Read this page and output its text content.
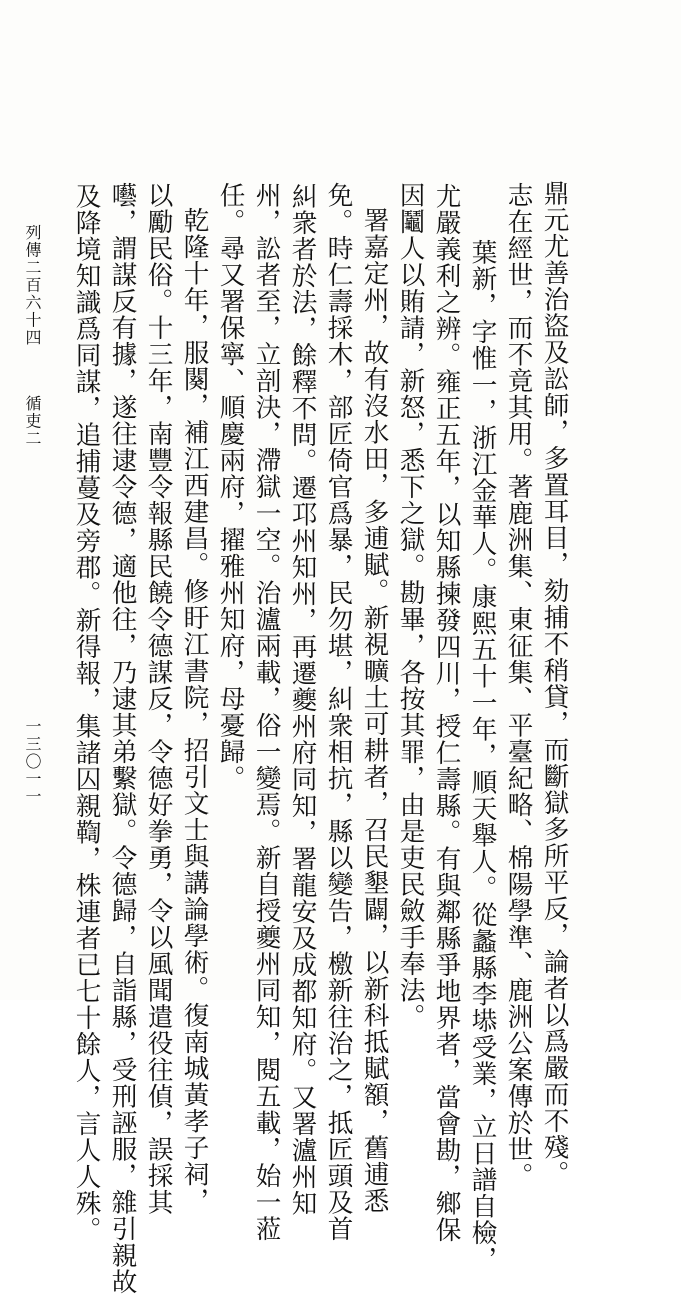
鼎元尤善治盜及訟師，多置耳目，劾捕不稍貸，而斷獄多所平反，論者以爲嚴而不殘。
志在經世，而不竟其用。著鹿洲集、東征集、平臺紀略、棉陽學準、鹿洲公案傳於世。
葉新，字惟一，浙江金華人。康熙五十一年，順天舉人。從蠡縣李塨受業，立日譜自檢，
尤嚴義利之辨。雍正五年，以知縣揀發四川，授仁壽縣。有與鄰縣爭地界者，當會勘，鄉保
因鬮人以賄請，新怒，悉下之獄。勘畢，各按其罪，由是吏民斂手奉法。
署嘉定州，故有沒水田，多逋賦。新視曠土可耕者，召民墾闢，以新科抵賦額，舊逋悉
免。時仁壽採木，部匠倚官爲暴，民勿堪，糾衆相抗，縣以變告，檄新往治之，抵匠頭及首
糾衆者於法，餘釋不問。遷邛州知州，再遷夔州府同知，署龍安及成都知府。又署瀘州知
州，訟者至，立剖決，滯獄一空。治瀘兩載，俗一變焉。新自授夔州同知，閱五載，始一蒞
任。尋又署保寧、順慶兩府，擢雅州知府，母憂歸。
乾隆十年，服闋，補江西建昌。修盱江書院，招引文士與講論學術。復南城黃孝子祠，
以勵民俗。十三年，南豐令報縣民饒令德謀反，令德好拳勇，令以風聞遣役往偵，誤採其
囈，謂謀反有據，遂往逮令德，適他往，乃逮其弟繫獄。令德歸，自詣縣，受刑誣服，雜引親故
及降境知識爲同謀，追捕蔓及旁郡。新得報，集諸囚親鞫，株連者已七十餘人，言人人殊。
列傳二百六十四
循吏二
一三〇一一
